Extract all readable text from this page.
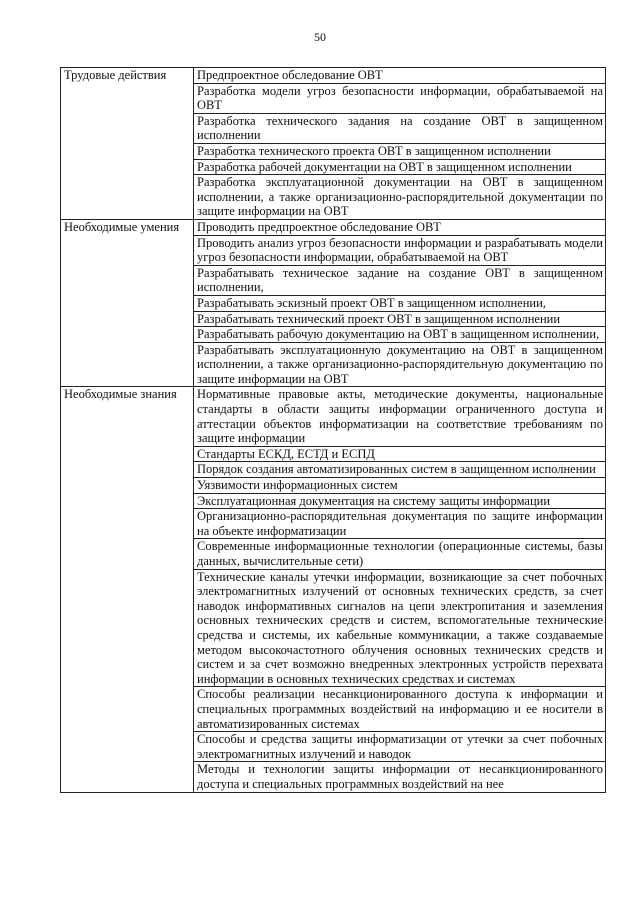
50
Трудовые действия	Предпроектное обследование ОВТ
	Разработка модели угроз безопасности информации, обрабатываемой на ОВТ
	Разработка технического задания на создание ОВТ в защищенном исполнении
	Разработка технического проекта ОВТ в защищенном исполнении
	Разработка рабочей документации на ОВТ в защищенном исполнении
	Разработка эксплуатационной документации на ОВТ в защищенном исполнении, а также организационно-распорядительной документации по защите информации на ОВТ
Необходимые умения	Проводить предпроектное обследование ОВТ
	Проводить анализ угроз безопасности информации и разрабатывать модели угроз безопасности информации, обрабатываемой на ОВТ
	Разрабатывать техническое задание на создание ОВТ в защищенном исполнении,
	Разрабатывать эскизный проект ОВТ в защищенном исполнении,
	Разрабатывать технический проект ОВТ в защищенном исполнении
	Разрабатывать рабочую документацию на ОВТ в защищенном исполнении,
	Разрабатывать эксплуатационную документацию на ОВТ в защищенном исполнении, а также организационно-распорядительную документацию по защите информации на ОВТ
Необходимые знания	Нормативные правовые акты, методические документы, национальные стандарты в области защиты информации ограниченного доступа и аттестации объектов информатизации на соответствие требованиям по защите информации
	Стандарты ЕСКД, ЕСТД и ЕСПД
	Порядок создания автоматизированных систем в защищенном исполнении
	Уязвимости информационных систем
	Эксплуатационная документация на систему защиты информации
	Организационно-распорядительная документация по защите информации на объекте информатизации
	Современные информационные технологии (операционные системы, базы данных, вычислительные сети)
	Технические каналы утечки информации, возникающие за счет побочных электромагнитных излучений от основных технических средств, за счет наводок информативных сигналов на цепи электропитания и заземления основных технических средств и систем, вспомогательные технические средства и системы, их кабельные коммуникации, а также создаваемые методом высокочастотного облучения основных технических средств и систем и за счет возможно внедренных электронных устройств перехвата информации в основных технических средствах и системах
	Способы реализации несанкционированного доступа к информации и специальных программных воздействий на информацию и ее носители в автоматизированных системах
	Способы и средства защиты информатизации от утечки за счет побочных электромагнитных излучений и наводок
	Методы и технологии защиты информации от несанкционированного доступа и специальных программных воздействий на нее
